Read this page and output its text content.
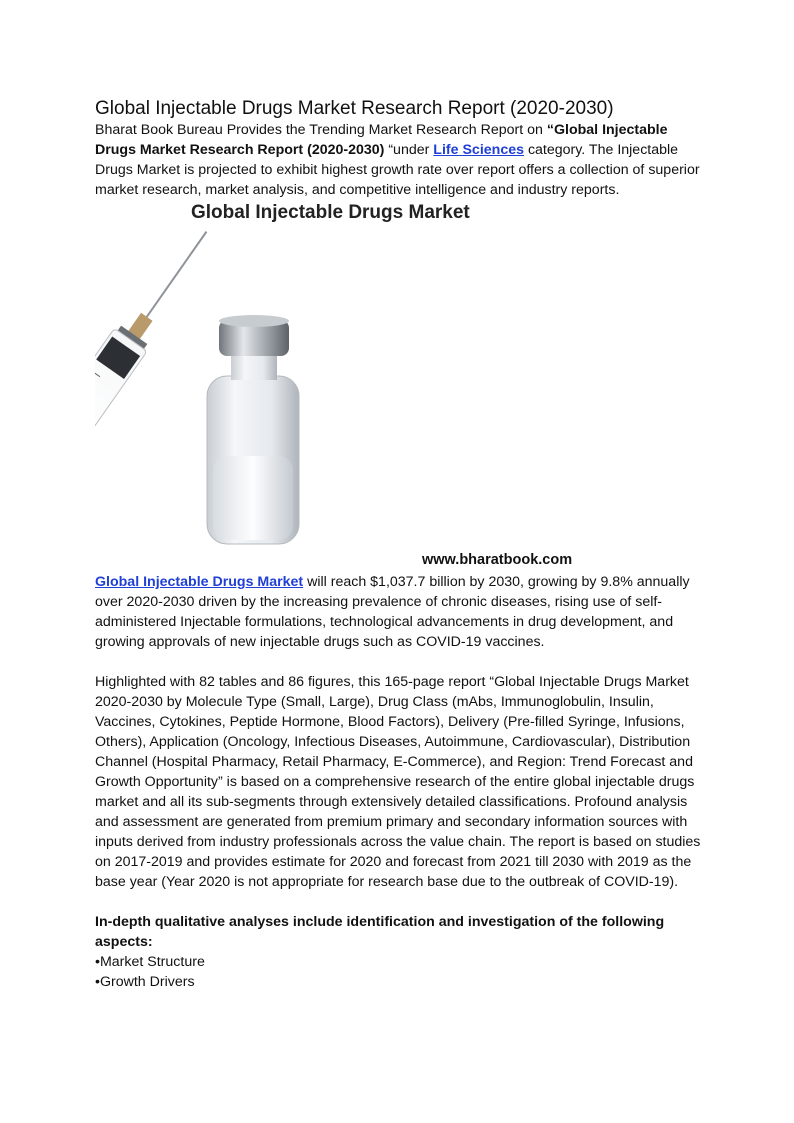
Global Injectable Drugs Market Research Report (2020-2030)

Bharat Book Bureau Provides the Trending Market Research Report on “Global Injectable Drugs Market Research Report (2020-2030) “under Life Sciences category. The Injectable Drugs Market is projected to exhibit highest growth rate over report offers a collection of superior market research, market analysis, and competitive intelligence and industry reports.

Global Injectable Drugs Market
www.bharatbook.com

Global Injectable Drugs Market will reach $1,037.7 billion by 2030, growing by 9.8% annually over 2020-2030 driven by the increasing prevalence of chronic diseases, rising use of self-administered Injectable formulations, technological advancements in drug development, and growing approvals of new injectable drugs such as COVID-19 vaccines.

Highlighted with 82 tables and 86 figures, this 165-page report “Global Injectable Drugs Market 2020-2030 by Molecule Type (Small, Large), Drug Class (mAbs, Immunoglobulin, Insulin, Vaccines, Cytokines, Peptide Hormone, Blood Factors), Delivery (Pre-filled Syringe, Infusions, Others), Application (Oncology, Infectious Diseases, Autoimmune, Cardiovascular), Distribution Channel (Hospital Pharmacy, Retail Pharmacy, E-Commerce), and Region: Trend Forecast and Growth Opportunity” is based on a comprehensive research of the entire global injectable drugs market and all its sub-segments through extensively detailed classifications. Profound analysis and assessment are generated from premium primary and secondary information sources with inputs derived from industry professionals across the value chain. The report is based on studies on 2017-2019 and provides estimate for 2020 and forecast from 2021 till 2030 with 2019 as the base year (Year 2020 is not appropriate for research base due to the outbreak of COVID-19).

In-depth qualitative analyses include identification and investigation of the following aspects:

•Market Structure
•Growth Drivers
